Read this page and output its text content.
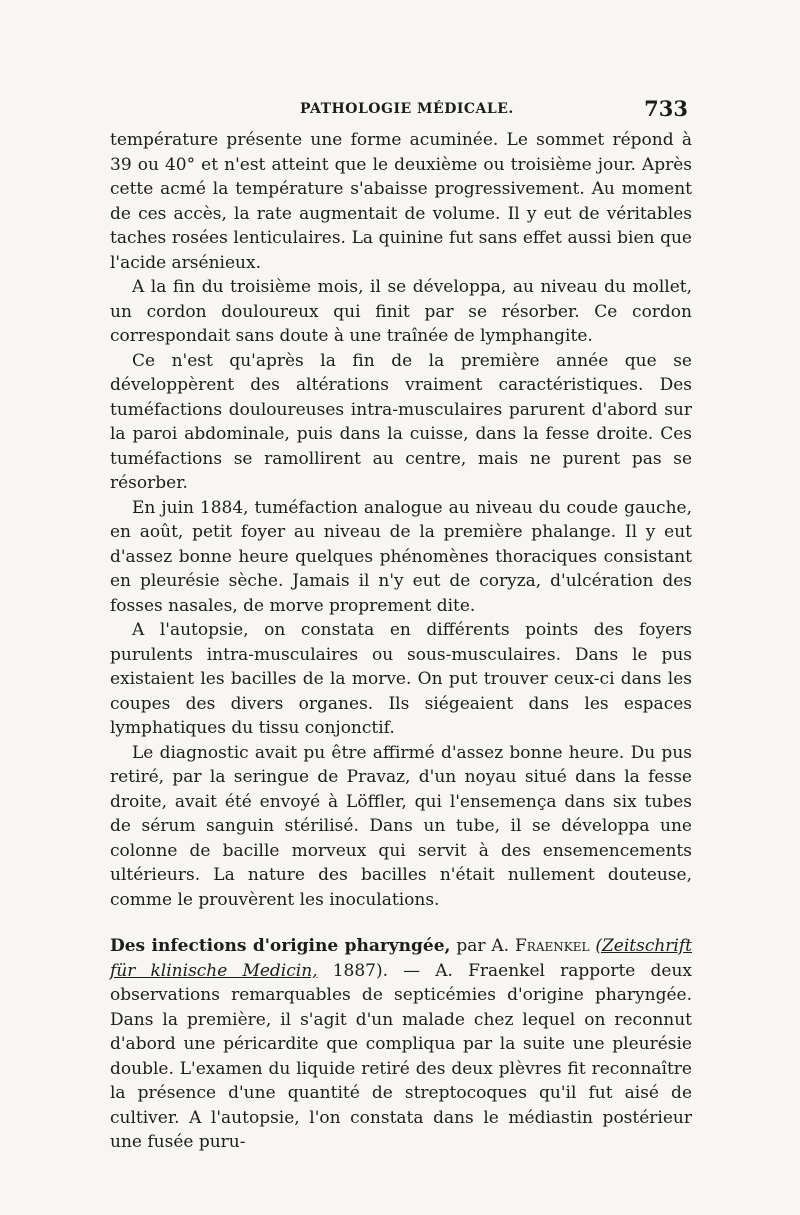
PATHOLOGIE MÉDICALE.	733

température présente une forme acuminée. Le sommet répond à 39 ou 40° et n'est atteint que le deuxième ou troisième jour. Après cette acmé la température s'abaisse progressivement. Au moment de ces accès, la rate augmentait de volume. Il y eut de véritables taches rosées lenticulaires. La quinine fut sans effet aussi bien que l'acide arsénieux.

A la fin du troisième mois, il se développa, au niveau du mollet, un cordon douloureux qui finit par se résorber. Ce cordon correspondait sans doute à une traînée de lymphangite.

Ce n'est qu'après la fin de la première année que se développèrent des altérations vraiment caractéristiques. Des tuméfactions douloureuses intra-musculaires parurent d'abord sur la paroi abdominale, puis dans la cuisse, dans la fesse droite. Ces tuméfactions se ramollirent au centre, mais ne purent pas se résorber.

En juin 1884, tuméfaction analogue au niveau du coude gauche, en août, petit foyer au niveau de la première phalange. Il y eut d'assez bonne heure quelques phénomènes thoraciques consistant en pleurésie sèche. Jamais il n'y eut de coryza, d'ulcération des fosses nasales, de morve proprement dite.

A l'autopsie, on constata en différents points des foyers purulents intra-musculaires ou sous-musculaires. Dans le pus existaient les bacilles de la morve. On put trouver ceux-ci dans les coupes des divers organes. Ils siégeaient dans les espaces lymphatiques du tissu conjonctif.

Le diagnostic avait pu être affirmé d'assez bonne heure. Du pus retiré, par la seringue de Pravaz, d'un noyau situé dans la fesse droite, avait été envoyé à Löffler, qui l'ensemença dans six tubes de sérum sanguin stérilisé. Dans un tube, il se développa une colonne de bacille morveux qui servit à des ensemencements ultérieurs. La nature des bacilles n'était nullement douteuse, comme le prouvèrent les inoculations.

Des infections d'origine pharyngée, par A. Fraenkel (Zeitschrift für klinische Medicin, 1887). — A. Fraenkel rapporte deux observations remarquables de septicémies d'origine pharyngée. Dans la première, il s'agit d'un malade chez lequel on reconnut d'abord une péricardite que compliqua par la suite une pleurésie double. L'examen du liquide retiré des deux plèvres fit reconnaître la présence d'une quantité de streptocoques qu'il fut aisé de cultiver. A l'autopsie, l'on constata dans le médiastin postérieur une fusée puru-
